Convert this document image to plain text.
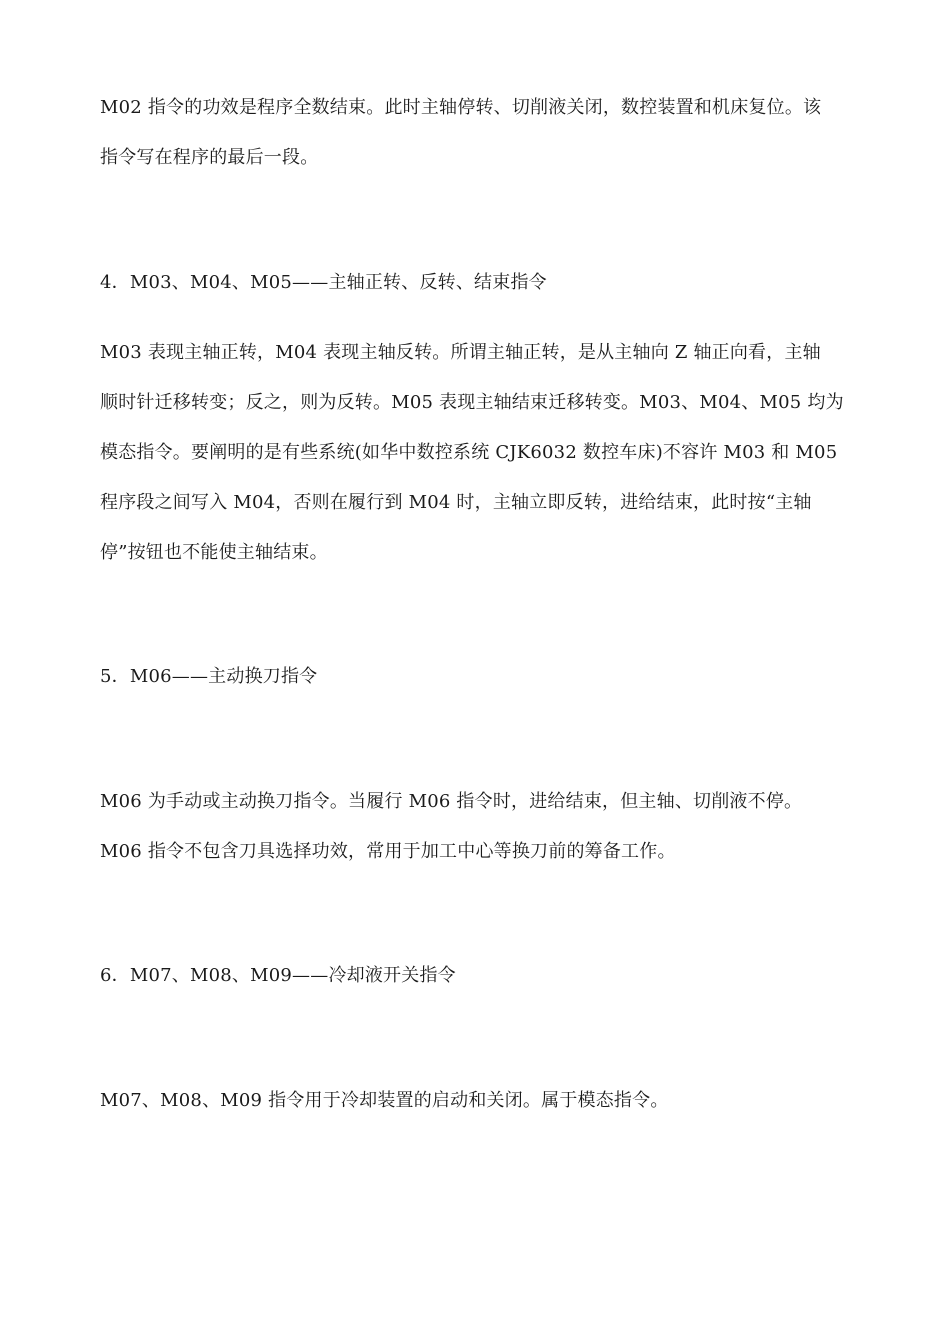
M02 指令的功效是程序全数结束。此时主轴停转、切削液关闭，数控装置和机床复位。该
指令写在程序的最后一段。
4．M03、M04、M05——主轴正转、反转、结束指令
M03 表现主轴正转，M04 表现主轴反转。所谓主轴正转，是从主轴向 Z 轴正向看，主轴
顺时针迁移转变；反之，则为反转。M05 表现主轴结束迁移转变。M03、M04、M05 均为
模态指令。要阐明的是有些系统(如华中数控系统 CJK6032 数控车床)不容许 M03 和 M05
程序段之间写入 M04，否则在履行到 M04 时，主轴立即反转，进给结束，此时按“主轴
停”按钮也不能使主轴结束。
5．M06——主动换刀指令
M06 为手动或主动换刀指令。当履行 M06 指令时，进给结束，但主轴、切削液不停。
M06 指令不包含刀具选择功效，常用于加工中心等换刀前的筹备工作。
6．M07、M08、M09——冷却液开关指令
M07、M08、M09 指令用于冷却装置的启动和关闭。属于模态指令。
